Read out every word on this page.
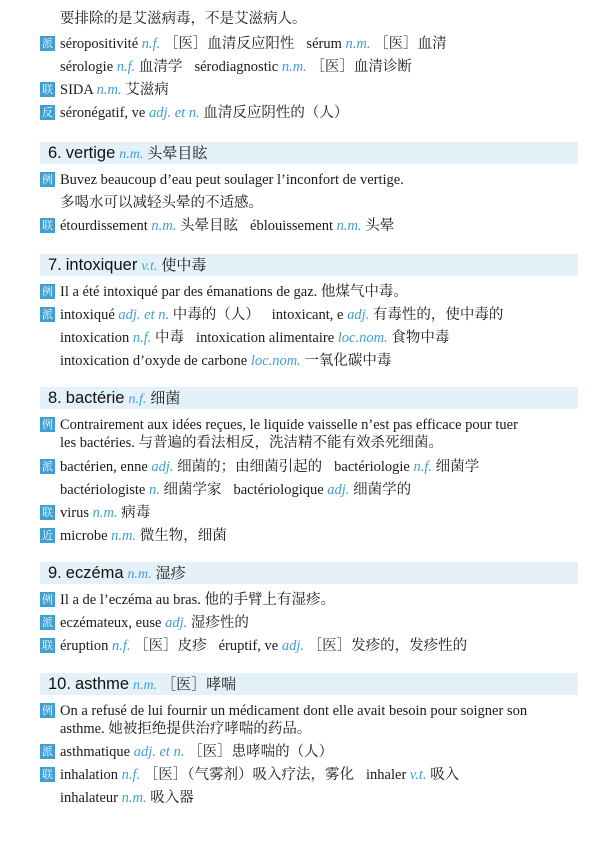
要排除的是艾滋病毒，不是艾滋病人。
派 séropositivité n.f. ［医］血清反应阳性 sérum n.m. ［医］血清
sérologie n.f. 血清学 sérodiagnostic n.m. ［医］血清诊断
联 SIDA n.m. 艾滋病
反 séronégatif, ve adj. et n. 血清反应阴性的（人）
6. vertige n.m. 头晕目眩
例 Buvez beaucoup d’eau peut soulager l’inconfort de vertige.
多喝水可以减轻头晕的不适感。
联 étourdissement n.m. 头晕目眩 éblouissement n.m. 头晕
7. intoxiquer v.t. 使中毒
例 Il a été intoxiqué par des émanations de gaz. 他煤气中毒。
派 intoxiqué adj. et n. 中毒的（人） intoxicant, e adj. 有毒性的，使中毒的
intoxication n.f. 中毒 intoxication alimentaire loc.nom. 食物中毒
intoxication d’oxyde de carbone loc.nom. 一氧化碳中毒
8. bactérie n.f. 细菌
例 Contrairement aux idées reçues, le liquide vaisselle n’est pas efficace pour tuer
les bactéries. 与普遍的看法相反，洗洁精不能有效杀死细菌。
派 bactérien, enne adj. 细菌的；由细菌引起的 bactériologie n.f. 细菌学
bactériologiste n. 细菌学家 bactériologique adj. 细菌学的
联 virus n.m. 病毒
近 microbe n.m. 微生物，细菌
9. eczéma n.m. 湿疹
例 Il a de l’eczéma au bras. 他的手臂上有湿疹。
派 eczémateux, euse adj. 湿疹性的
联 éruption n.f. ［医］皮疹 éruptif, ve adj. ［医］发疹的，发疹性的
10. asthme n.m. ［医］哮喘
例 On a refusé de lui fournir un médicament dont elle avait besoin pour soigner son
asthme. 她被拒绝提供治疗哮喘的药品。
派 asthmatique adj. et n. ［医］患哮喘的（人）
联 inhalation n.f. ［医］（气雾剂）吸入疗法，雾化 inhaler v.t. 吸入
inhalateur n.m. 吸入器
